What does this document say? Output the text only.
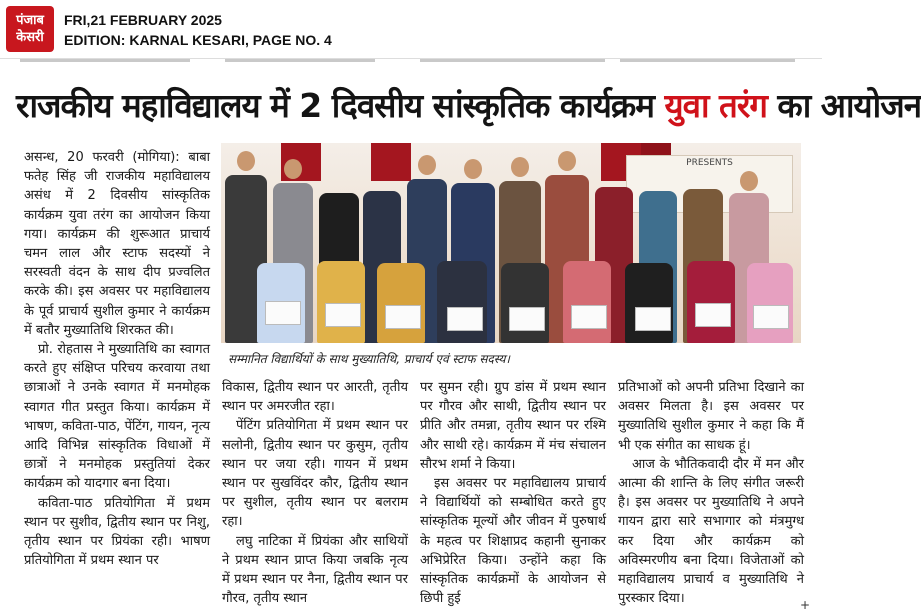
पंजाब
केसरी
FRI,21 FEBRUARY 2025
EDITION: KARNAL KESARI, PAGE NO. 4
राजकीय महाविद्यालय में 2 दिवसीय सांस्कृतिक कार्यक्रम युवा तरंग का आयोजन
PRESENTS
सम्मानित विद्यार्थियों के साथ मुख्यातिथि, प्राचार्य एवं स्टाफ सदस्य।

असन्ध, 20 फरवरी (मोगिया): बाबा फतेह सिंह जी राजकीय महाविद्यालय असंध में 2 दिवसीय सांस्कृतिक कार्यक्रम युवा तरंग का आयोजन किया गया। कार्यक्रम की शुरूआत प्राचार्य चमन लाल और स्टाफ सदस्यों ने सरस्वती वंदन के साथ दीप प्रज्वलित करके की। इस अवसर पर महाविद्यालय के पूर्व प्राचार्य सुशील कुमार ने कार्यक्रम में बतौर मुख्यातिथि शिरकत की।

प्रो. रोहतास ने मुख्यातिथि का स्वागत करते हुए संक्षिप्त परिचय करवाया तथा छात्राओं ने उनके स्वागत में मनमोहक स्वागत गीत प्रस्तुत किया। कार्यक्रम में भाषण, कविता-पाठ, पेंटिंग, गायन, नृत्य आदि विभिन्न सांस्कृतिक विधाओं में छात्रों ने मनमोहक प्रस्तुतियां देकर कार्यक्रम को यादगार बना दिया।

कविता-पाठ प्रतियोगिता में प्रथम स्थान पर सुशीव, द्वितीय स्थान पर निशु, तृतीय स्थान पर प्रियंका रही। भाषण प्रतियोगिता में प्रथम स्थान पर

विकास, द्वितीय स्थान पर आरती, तृतीय स्थान पर अमरजीत रहा।

पेंटिंग प्रतियोगिता में प्रथम स्थान पर सलोनी, द्वितीय स्थान पर कुसुम, तृतीय स्थान पर जया रही। गायन में प्रथम स्थान पर सुखविंदर कौर, द्वितीय स्थान पर सुशील, तृतीय स्थान पर बलराम रहा।

लघु नाटिका में प्रियंका और साथियों ने प्रथम स्थान प्राप्त किया जबकि नृत्य में प्रथम स्थान पर नैना, द्वितीय स्थान पर गौरव, तृतीय स्थान

पर सुमन रही। ग्रुप डांस में प्रथम स्थान पर गौरव और साथी, द्वितीय स्थान पर प्रीति और तमन्ना, तृतीय स्थान पर रश्मि और साथी रहे। कार्यक्रम में मंच संचालन सौरभ शर्मा ने किया।

इस अवसर पर महाविद्यालय प्राचार्य ने विद्यार्थियों को सम्बोधित करते हुए सांस्कृतिक मूल्यों और जीवन में पुरुषार्थ के महत्व पर शिक्षाप्रद कहानी सुनाकर अभिप्रेरित किया। उन्होंने कहा कि सांस्कृतिक कार्यक्रमों के आयोजन से छिपी हुई

प्रतिभाओं को अपनी प्रतिभा दिखाने का अवसर मिलता है। इस अवसर पर मुख्यातिथि सुशील कुमार ने कहा कि मैं भी एक संगीत का साधक हूं।

आज के भौतिकवादी दौर में मन और आत्मा की शान्ति के लिए संगीत जरूरी है। इस अवसर पर मुख्यातिथि ने अपने गायन द्वारा सारे सभागार को मंत्रमुग्ध कर दिया और कार्यक्रम को अविस्मरणीय बना दिया। विजेताओं को महाविद्यालय प्राचार्य व मुख्यातिथि ने पुरस्कार दिया।	+
